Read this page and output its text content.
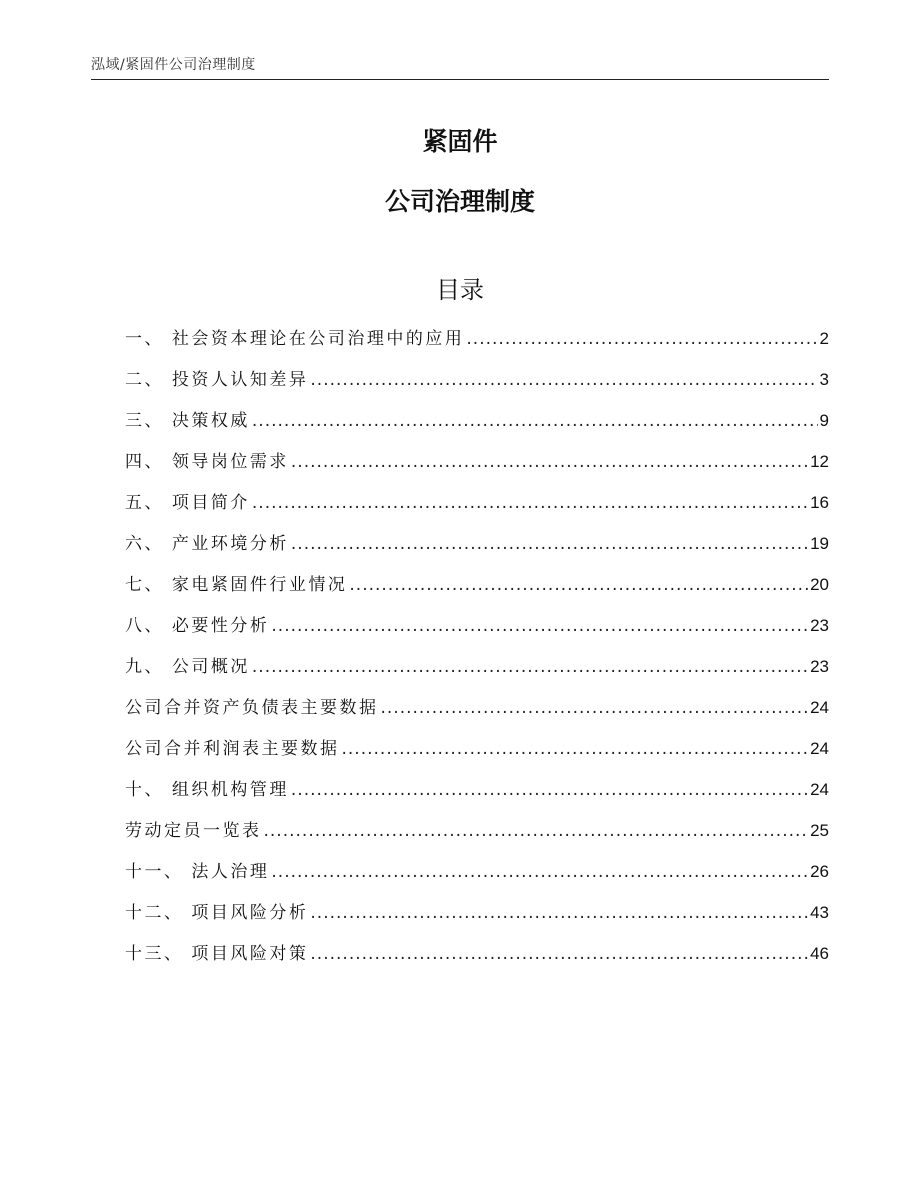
泓域/紧固件公司治理制度
紧固件
公司治理制度
目录
一、 社会资本理论在公司治理中的应用 .....	2
二、 投资人认知差异 .....	3
三、 决策权威 .....	9
四、 领导岗位需求 .....	12
五、 项目简介 .....	16
六、 产业环境分析 .....	19
七、 家电紧固件行业情况 .....	20
八、 必要性分析 .....	23
九、 公司概况 .....	23
公司合并资产负债表主要数据 .....	24
公司合并利润表主要数据 .....	24
十、 组织机构管理 .....	24
劳动定员一览表 .....	25
十一、 法人治理 .....	26
十二、 项目风险分析 .....	43
十三、 项目风险对策 .....	46
